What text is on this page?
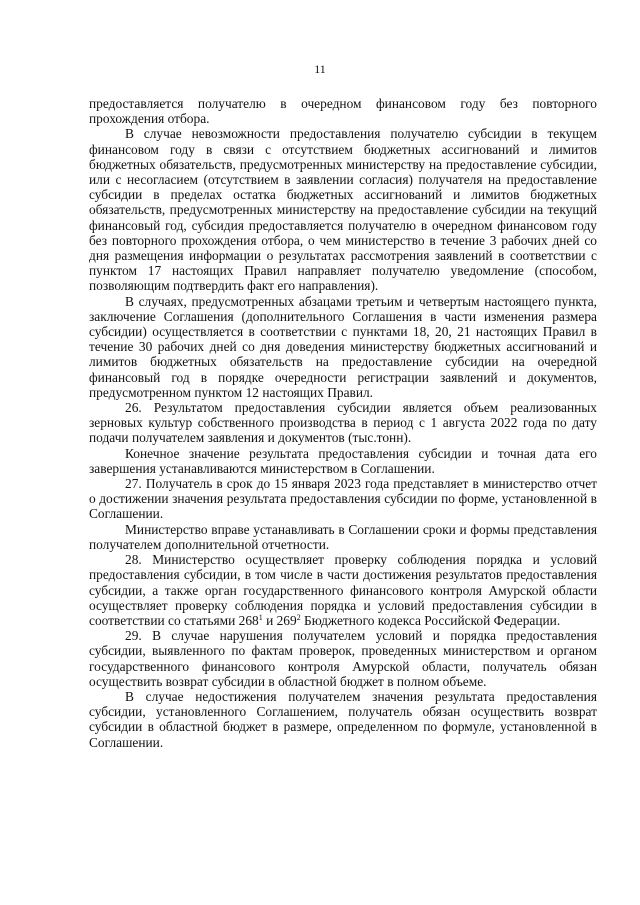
11

предоставляется получателю в очередном финансовом году без повторного прохождения отбора.

В случае невозможности предоставления получателю субсидии в текущем финансовом году в связи с отсутствием бюджетных ассигнований и лимитов бюджетных обязательств, предусмотренных министерству на предоставление субсидии, или с несогласием (отсутствием в заявлении согласия) получателя на предоставление субсидии в пределах остатка бюджетных ассигнований и лимитов бюджетных обязательств, предусмотренных министерству на предоставление субсидии на текущий финансовый год, субсидия предоставляется получателю в очередном финансовом году без повторного прохождения отбора, о чем министерство в течение 3 рабочих дней со дня размещения информации о результатах рассмотрения заявлений в соответствии с пунктом 17 настоящих Правил направляет получателю уведомление (способом, позволяющим подтвердить факт его направления).

В случаях, предусмотренных абзацами третьим и четвертым настоящего пункта, заключение Соглашения (дополнительного Соглашения в части изменения размера субсидии) осуществляется в соответствии с пунктами 18, 20, 21 настоящих Правил в течение 30 рабочих дней со дня доведения министерству бюджетных ассигнований и лимитов бюджетных обязательств на предоставление субсидии на очередной финансовый год в порядке очередности регистрации заявлений и документов, предусмотренном пунктом 12 настоящих Правил.

26. Результатом предоставления субсидии является объем реализованных зерновых культур собственного производства в период с 1 августа 2022 года по дату подачи получателем заявления и документов (тыс.тонн).

Конечное значение результата предоставления субсидии и точная дата его завершения устанавливаются министерством в Соглашении.

27. Получатель в срок до 15 января 2023 года представляет в министерство отчет о достижении значения результата предоставления субсидии по форме, установленной в Соглашении.

Министерство вправе устанавливать в Соглашении сроки и формы представления получателем дополнительной отчетности.

28. Министерство осуществляет проверку соблюдения порядка и условий предоставления субсидии, в том числе в части достижения результатов предоставления субсидии, а также орган государственного финансового контроля Амурской области осуществляет проверку соблюдения порядка и условий предоставления субсидии в соответствии со статьями $268^1$ и $269^2$ Бюджетного кодекса Российской Федерации.

29. В случае нарушения получателем условий и порядка предоставления субсидии, выявленного по фактам проверок, проведенных министерством и органом государственного финансового контроля Амурской области, получатель обязан осуществить возврат субсидии в областной бюджет в полном объеме.

В случае недостижения получателем значения результата предоставления субсидии, установленного Соглашением, получатель обязан осуществить возврат субсидии в областной бюджет в размере, определенном по формуле, установленной в Соглашении.
